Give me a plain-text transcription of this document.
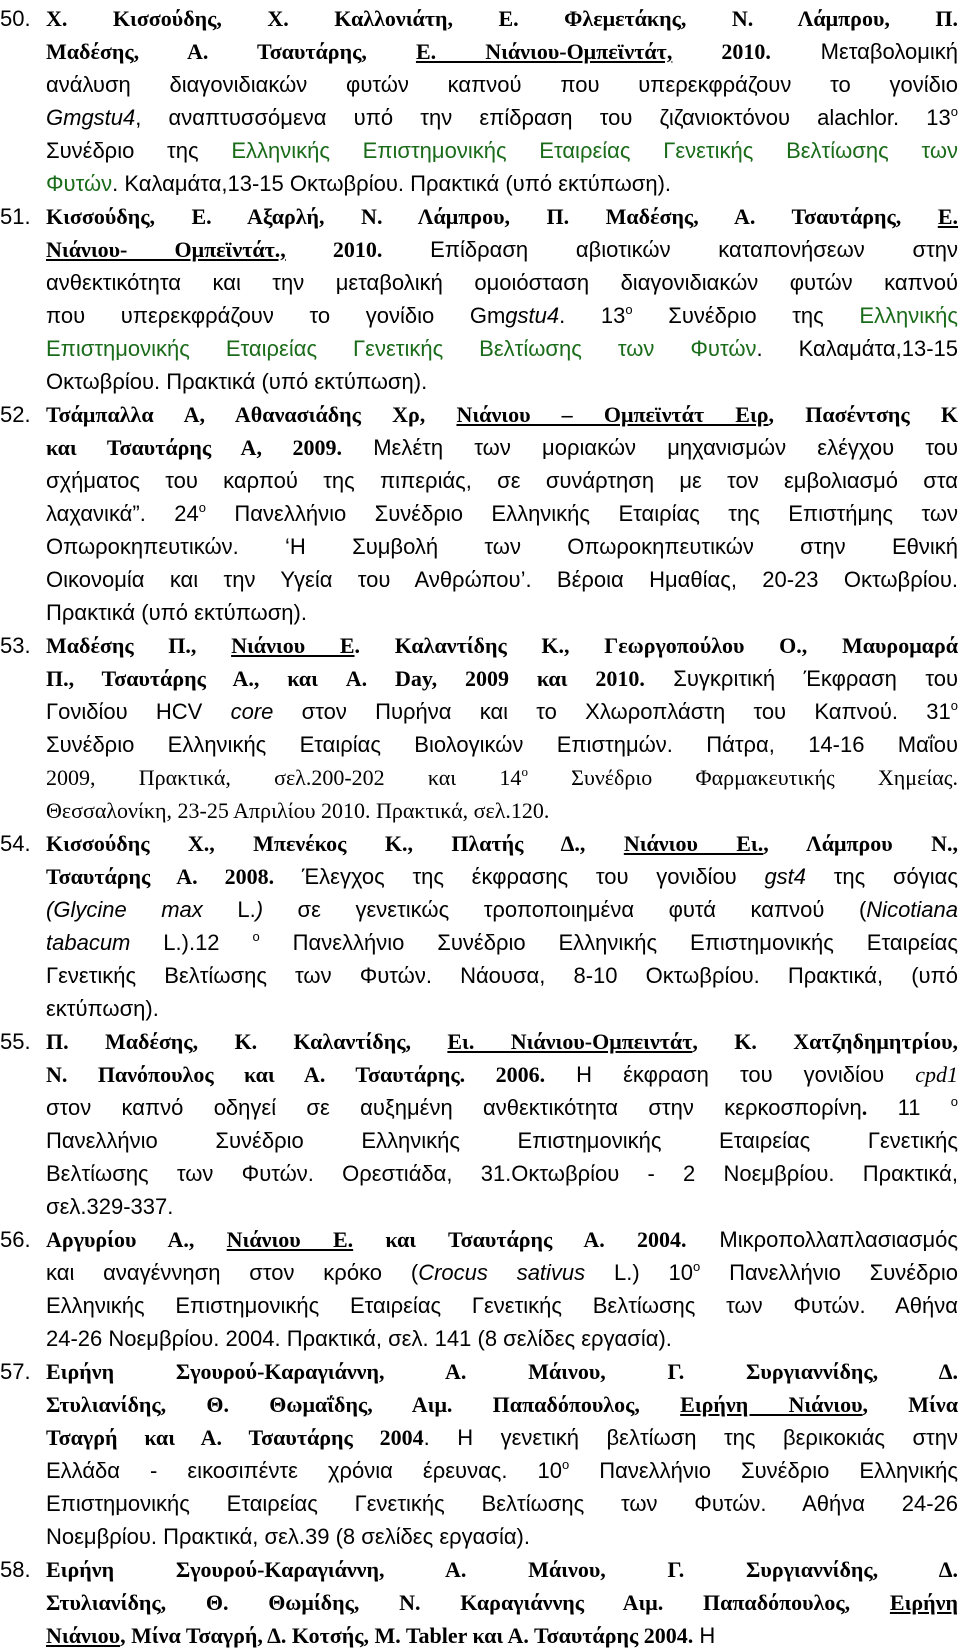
50. Χ. Κισσούδης, Χ. Καλλονιάτη, Ε. Φλεμετάκης, Ν. Λάμπρου, Π.
Μαδέσης, Α. Τσαυτάρης, Ε. Νιάνιου-Ομπεϊντάτ, 2010. Μεταβολομική
ανάλυση διαγονιδιακών φυτών καπνού που υπερεκφράζουν το γονίδιο
Gmgstu4, αναπτυσσόμενα υπό την επίδραση του ζιζανιοκτόνου alachlor. $13^o$
Συνέδριο της Ελληνικής Επιστημονικής Εταιρείας Γενετικής Βελτίωσης των
Φυτών. Καλαμάτα,13-15 Οκτωβρίου. Πρακτικά (υπό εκτύπωση).
51. Κισσούδης, Ε. Αξαρλή, Ν. Λάμπρου, Π. Μαδέσης, Α. Τσαυτάρης, Ε.
Νιάνιου- Ομπεϊντάτ., 2010. Επίδραση αβιοτικών καταπονήσεων στην
ανθεκτικότητα και την μεταβολική ομοιόσταση διαγονιδιακών φυτών καπνού
που υπερεκφράζουν το γονίδιο Gmgstu4. $13^o$ Συνέδριο της Ελληνικής
Επιστημονικής Εταιρείας Γενετικής Βελτίωσης των Φυτών. Καλαμάτα,13-15
Οκτωβρίου. Πρακτικά (υπό εκτύπωση).
52. Τσάμπαλλα Α, Αθανασιάδης Χρ, Νιάνιου – Ομπεϊντάτ Ειρ, Πασέντσης Κ
και Τσαυτάρης Α, 2009. Μελέτη των μοριακών μηχανισμών ελέγχου του
σχήματος του καρπού της πιπεριάς, σε συνάρτηση με τον εμβολιασμό στα
λαχανικά”. $24^o$ Πανελλήνιο Συνέδριο Ελληνικής Εταιρίας της Επιστήμης των
Οπωροκηπευτικών. ‘Η Συμβολή των Οπωροκηπευτικών στην Εθνική
Οικονομία και την Υγεία του Ανθρώπου’. Βέροια Ημαθίας, 20-23 Οκτωβρίου.
Πρακτικά (υπό εκτύπωση).
53. Μαδέσης Π., Νιάνιου Ε. Καλαντίδης Κ., Γεωργοπούλου Ο., Μαυρομαρά
Π., Τσαυτάρης Α., και A. Day, 2009 και 2010. Συγκριτική Έκφραση του
Γονιδίου HCV core στον Πυρήνα και το Χλωροπλάστη του Καπνού. $31^o$
Συνέδριο Ελληνικής Εταιρίας Βιολογικών Επιστημών. Πάτρα, 14-16 Μαΐου
2009, Πρακτικά, σελ.200-202 και $14^o$ Συνέδριο Φαρμακευτικής Χημείας.
Θεσσαλονίκη, 23-25 Απριλίου 2010. Πρακτικά, σελ.120.
54. Κισσούδης Χ., Μπενέκος Κ., Πλατής Δ., Νιάνιου Ει., Λάμπρου Ν.,
Τσαυτάρης Α. 2008. Έλεγχος της έκφρασης του γονιδίου gst4 της σόγιας
(Glycine max L.) σε γενετικώς τροποποιημένα φυτά καπνού (Nicotiana
tabacum L.).12 $^o$ Πανελλήνιο Συνέδριο Ελληνικής Επιστημονικής Εταιρείας
Γενετικής Βελτίωσης των Φυτών. Νάουσα, 8-10 Οκτωβρίου. Πρακτικά, (υπό
εκτύπωση).
55. Π. Μαδέσης, Κ. Καλαντίδης, Ει. Νιάνιου-Ομπειντάτ, Κ. Χατζηδημητρίου,
Ν. Πανόπουλος και Α. Τσαυτάρης. 2006. Η έκφραση του γονιδίου cpd1
στον καπνό οδηγεί σε αυξημένη ανθεκτικότητα στην κερκοσπορίνη. 11 $^o$
Πανελλήνιο Συνέδριο Ελληνικής Επιστημονικής Εταιρείας Γενετικής
Βελτίωσης των Φυτών. Ορεστιάδα, 31.Οκτωβρίου - 2 Νοεμβρίου. Πρακτικά,
σελ.329-337.
56. Αργυρίου Α., Νιάνιου Ε. και Τσαυτάρης Α. 2004. Μικροπολλαπλασιασμός
και αναγέννηση στον κρόκο (Crocus sativus L.) $10^o$ Πανελλήνιο Συνέδριο
Ελληνικής Επιστημονικής Εταιρείας Γενετικής Βελτίωσης των Φυτών. Αθήνα
24-26 Νοεμβρίου. 2004. Πρακτικά, σελ. 141 (8 σελίδες εργασία).
57. Ειρήνη Σγουρού-Καραγιάννη, Α. Μάινου, Γ. Συργιαννίδης, Δ.
Στυλιανίδης, Θ. Θωμαΐδης, Αιμ. Παπαδόπουλος, Ειρήνη Νιάνιου, Μίνα
Τσαγρή και Α. Τσαυτάρης 2004. Η γενετική βελτίωση της βερικοκιάς στην
Ελλάδα - εικοσιπέντε χρόνια έρευνας. $10^o$ Πανελλήνιο Συνέδριο Ελληνικής
Επιστημονικής Εταιρείας Γενετικής Βελτίωσης των Φυτών. Αθήνα 24-26
Νοεμβρίου. Πρακτικά, σελ.39 (8 σελίδες εργασία).
58. Ειρήνη Σγουρού-Καραγιάννη, Α. Μάινου, Γ. Συργιαννίδης, Δ.
Στυλιανίδης, Θ. Θωμίδης, Ν. Καραγιάννης Αιμ. Παπαδόπουλος, Ειρήνη
Νιάνιου, Μίνα Τσαγρή, Δ. Κοτσής, M. Tabler και Α. Τσαυτάρης 2004. Η
